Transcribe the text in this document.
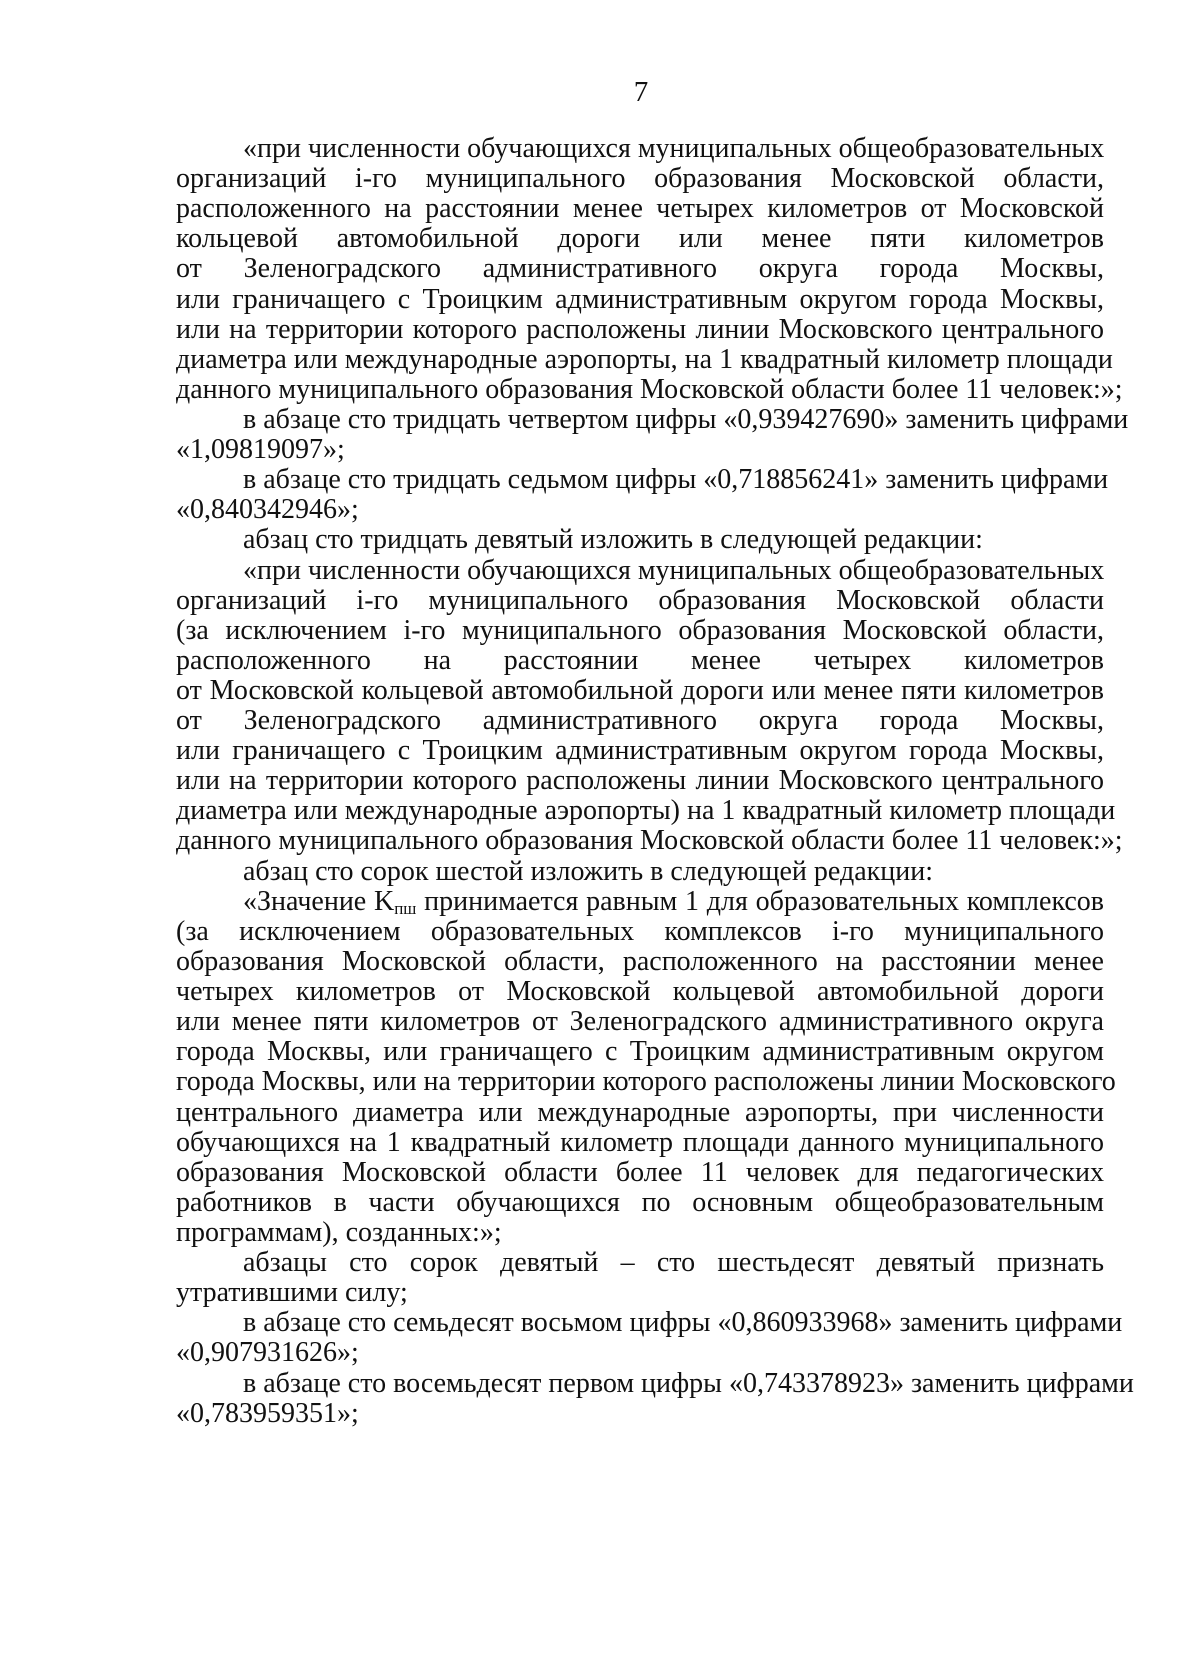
7
«при численности обучающихся муниципальных общеобразовательных
организаций i-го муниципального образования Московской области,
расположенного на расстоянии менее четырех километров от Московской
кольцевой автомобильной дороги или менее пяти километров
от Зеленоградского административного округа города Москвы,
или граничащего с Троицким административным округом города Москвы,
или на территории которого расположены линии Московского центрального
диаметра или международные аэропорты, на 1 квадратный километр площади
данного муниципального образования Московской области более 11 человек:»;
в абзаце сто тридцать четвертом цифры «0,939427690» заменить цифрами
«1,09819097»;
в абзаце сто тридцать седьмом цифры «0,718856241» заменить цифрами
«0,840342946»;
абзац сто тридцать девятый изложить в следующей редакции:
«при численности обучающихся муниципальных общеобразовательных
организаций i-го муниципального образования Московской области
(за исключением i-го муниципального образования Московской области,
расположенного на расстоянии менее четырех километров
от Московской кольцевой автомобильной дороги или менее пяти километров
от Зеленоградского административного округа города Москвы,
или граничащего с Троицким административным округом города Москвы,
или на территории которого расположены линии Московского центрального
диаметра или международные аэропорты) на 1 квадратный километр площади
данного муниципального образования Московской области более 11 человек:»;
абзац сто сорок шестой изложить в следующей редакции:
«Значение $K_{пш}$ принимается равным 1 для образовательных комплексов
(за исключением образовательных комплексов i-го муниципального
образования Московской области, расположенного на расстоянии менее
четырех километров от Московской кольцевой автомобильной дороги
или менее пяти километров от Зеленоградского административного округа
города Москвы, или граничащего с Троицким административным округом
города Москвы, или на территории которого расположены линии Московского
центрального диаметра или международные аэропорты, при численности
обучающихся на 1 квадратный километр площади данного муниципального
образования Московской области более 11 человек для педагогических
работников в части обучающихся по основным общеобразовательным
программам), созданных:»;
абзацы сто сорок девятый – сто шестьдесят девятый признать
утратившими силу;
в абзаце сто семьдесят восьмом цифры «0,860933968» заменить цифрами
«0,907931626»;
в абзаце сто восемьдесят первом цифры «0,743378923» заменить цифрами
«0,783959351»;
